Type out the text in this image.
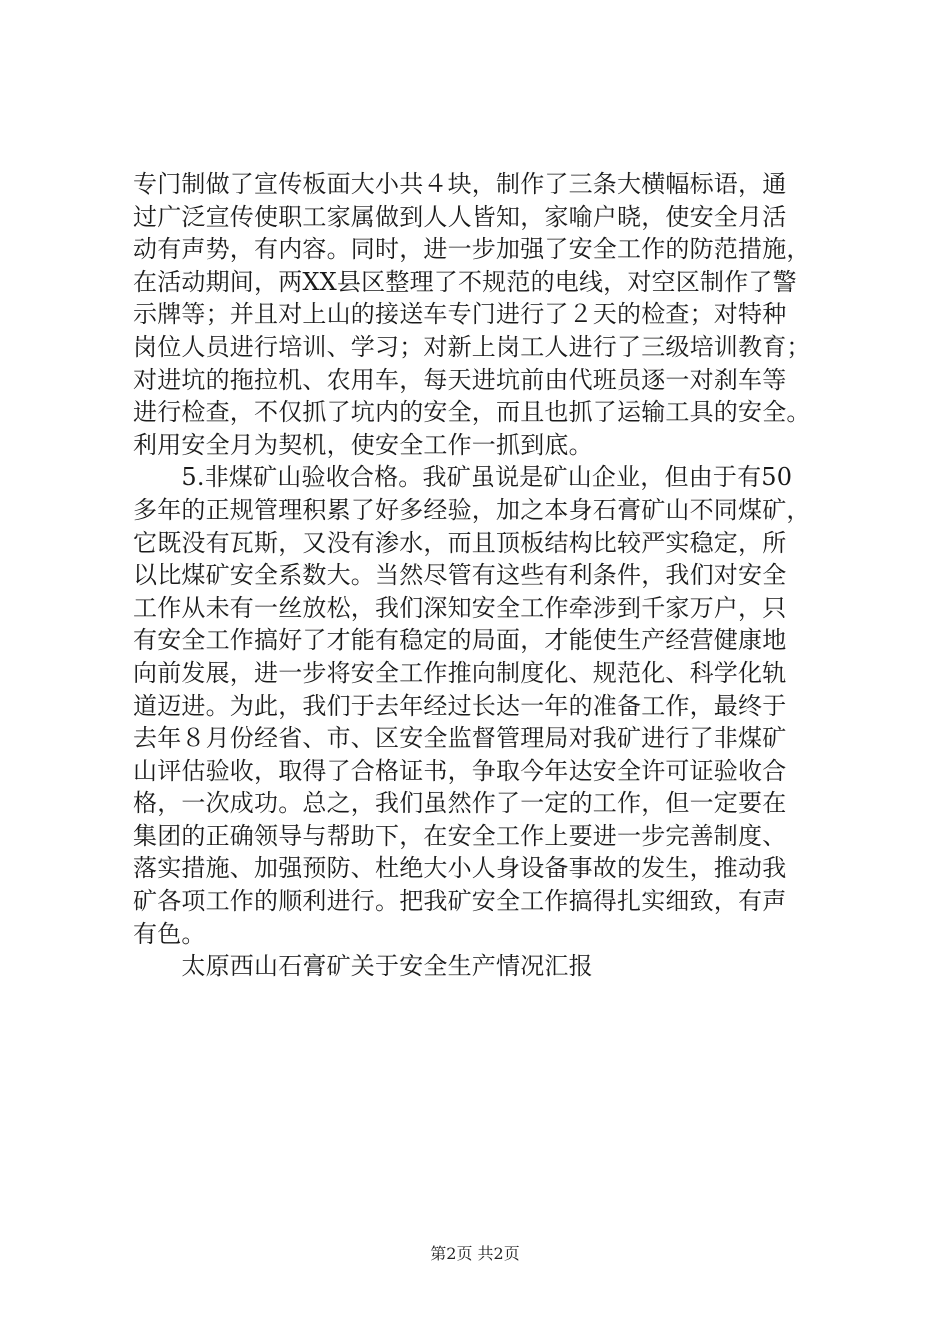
专门制做了宣传板面大小共４块，制作了三条大横幅标语，通
过广泛宣传使职工家属做到人人皆知，家喻户晓，使安全月活
动有声势，有内容。同时，进一步加强了安全工作的防范措施，
在活动期间，两XX县区整理了不规范的电线，对空区制作了警
示牌等；并且对上山的接送车专门进行了２天的检查；对特种
岗位人员进行培训、学习；对新上岗工人进行了三级培训教育；
对进坑的拖拉机、农用车，每天进坑前由代班员逐一对刹车等
进行检查，不仅抓了坑内的安全，而且也抓了运输工具的安全。
利用安全月为契机，使安全工作一抓到底。
　　5.非煤矿山验收合格。我矿虽说是矿山企业，但由于有50
多年的正规管理积累了好多经验，加之本身石膏矿山不同煤矿，
它既没有瓦斯，又没有渗水，而且顶板结构比较严实稳定，所
以比煤矿安全系数大。当然尽管有这些有利条件，我们对安全
工作从未有一丝放松，我们深知安全工作牵涉到千家万户，只
有安全工作搞好了才能有稳定的局面，才能使生产经营健康地
向前发展，进一步将安全工作推向制度化、规范化、科学化轨
道迈进。为此，我们于去年经过长达一年的准备工作，最终于
去年８月份经省、市、区安全监督管理局对我矿进行了非煤矿
山评估验收，取得了合格证书，争取今年达安全许可证验收合
格，一次成功。总之，我们虽然作了一定的工作，但一定要在
集团的正确领导与帮助下，在安全工作上要进一步完善制度、
落实措施、加强预防、杜绝大小人身设备事故的发生，推动我
矿各项工作的顺利进行。把我矿安全工作搞得扎实细致，有声
有色。
　　太原西山石膏矿关于安全生产情况汇报
第2页 共2页
